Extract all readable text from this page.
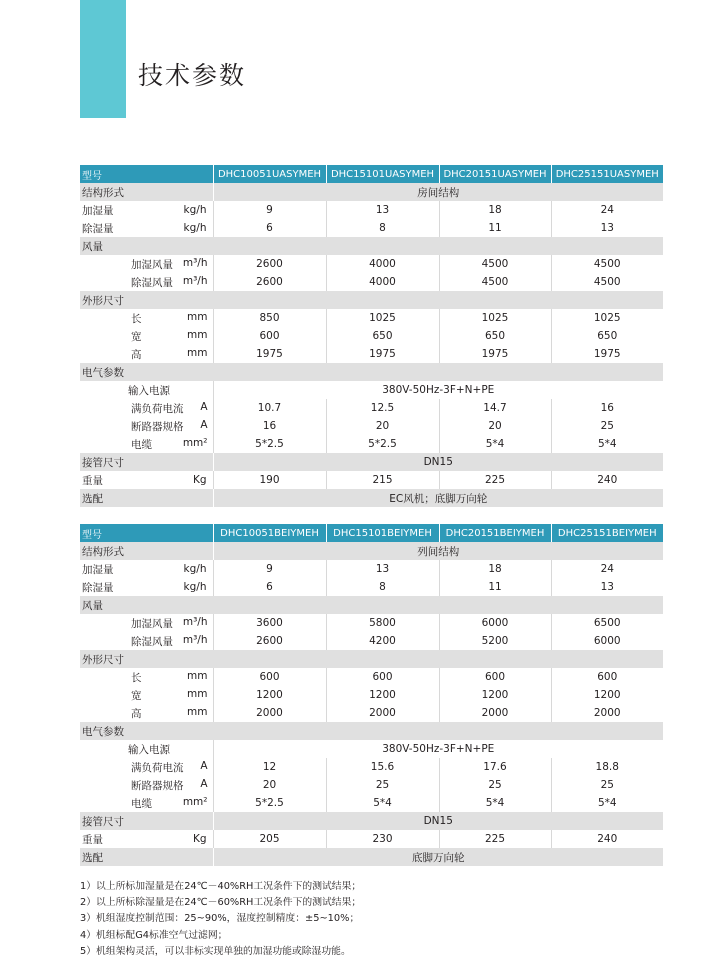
技术参数
型号		DHC10051UASYMEH	DHC15101UASYMEH	DHC20151UASYMEH	DHC25151UASYMEH
结构形式		房间结构			
加湿量	kg/h	9	13	18	24
除湿量	kg/h	6	8	11	13
风量					
	加湿风量 m³/h	2600	4000	4500	4500
	除湿风量 m³/h	2600	4000	4500	4500
外形尺寸					
	长 mm	850	1025	1025	1025
	宽 mm	600	650	650	650
	高 mm	1975	1975	1975	1975
电气参数					
输入电源		380V-50Hz-3F+N+PE			
	满负荷电流 A	10.7	12.5	14.7	16
	断路器规格 A	16	20	20	25
	电缆 mm²	5*2.5	5*2.5	5*4	5*4
接管尺寸		DN15			
重量	Kg	190	215	225	240
选配		EC风机；底脚万向轮			
型号		DHC10051BEIYMEH	DHC15101BEIYMEH	DHC20151BEIYMEH	DHC25151BEIYMEH
结构形式		列间结构			
加湿量	kg/h	9	13	18	24
除湿量	kg/h	6	8	11	13
风量					
	加湿风量 m³/h	3600	5800	6000	6500
	除湿风量 m³/h	2600	4200	5200	6000
外形尺寸					
	长 mm	600	600	600	600
	宽 mm	1200	1200	1200	1200
	高 mm	2000	2000	2000	2000
电气参数					
输入电源		380V-50Hz-3F+N+PE			
	满负荷电流 A	12	15.6	17.6	18.8
	断路器规格 A	20	25	25	25
	电缆 mm²	5*2.5	5*4	5*4	5*4
接管尺寸		DN15			
重量	Kg	205	230	225	240
选配		底脚万向轮			
1）以上所标加湿量是在24℃－40%RH工况条件下的测试结果；
2）以上所标除湿量是在24℃－60%RH工况条件下的测试结果；
3）机组湿度控制范围：25~90%，湿度控制精度：±5~10%；
4）机组标配G4标准空气过滤网；
5）机组架构灵活，可以非标实现单独的加湿功能或除湿功能。
